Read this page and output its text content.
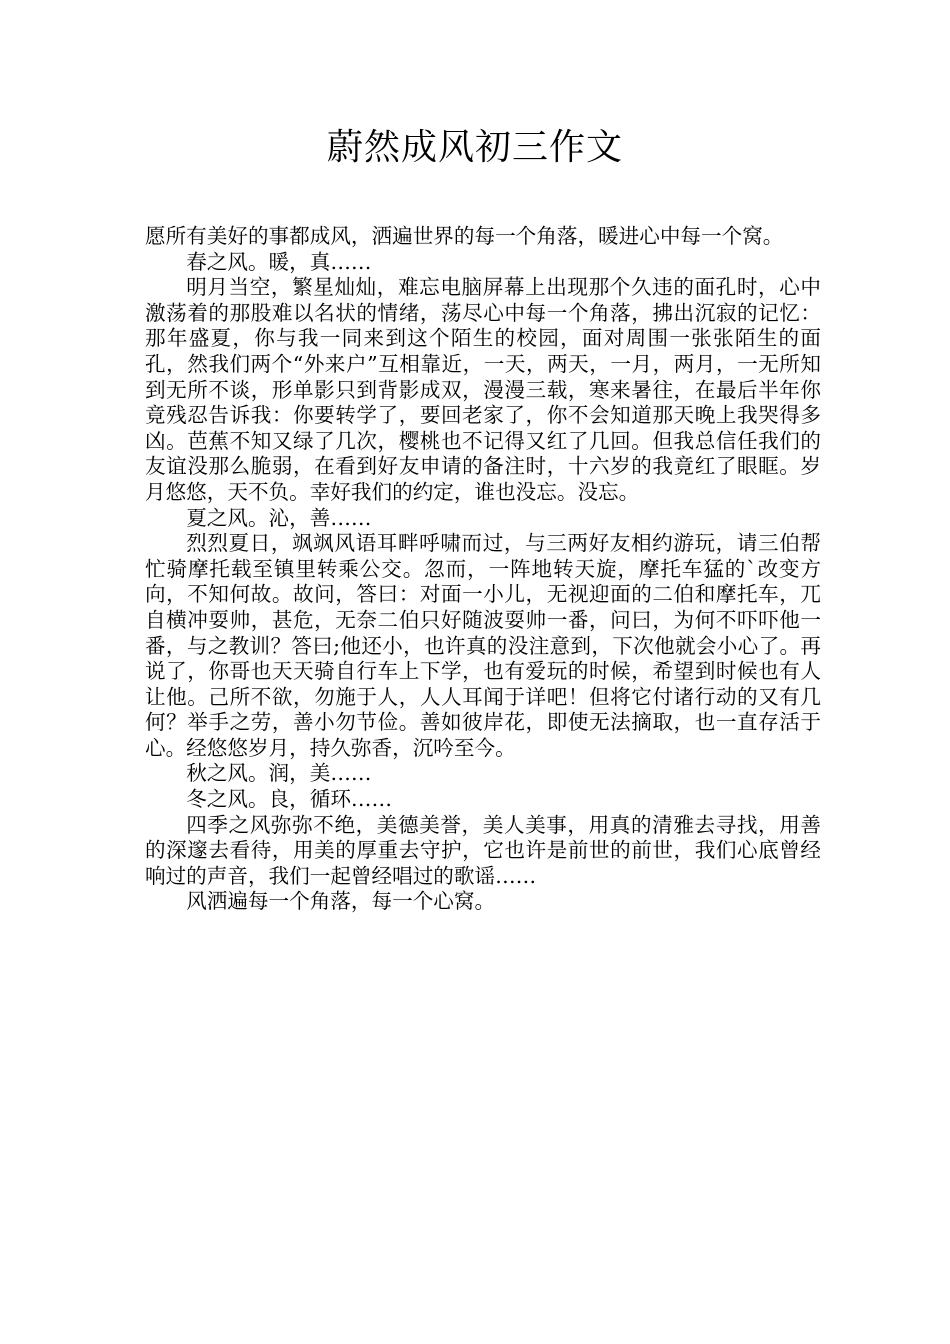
蔚然成风初三作文

愿所有美好的事都成风，洒遍世界的每一个角落，暖进心中每一个窝。

春之风。暖，真……

明月当空，繁星灿灿，难忘电脑屏幕上出现那个久违的面孔时，心中激荡着的那股难以名状的情绪，荡尽心中每一个角落，拂出沉寂的记忆：那年盛夏，你与我一同来到这个陌生的校园，面对周围一张张陌生的面孔，然我们两个“外来户”互相靠近，一天，两天，一月，两月，一无所知到无所不谈，形单影只到背影成双，漫漫三载，寒来暑往，在最后半年你竟残忍告诉我：你要转学了，要回老家了，你不会知道那天晚上我哭得多凶。芭蕉不知又绿了几次，樱桃也不记得又红了几回。但我总信任我们的友谊没那么脆弱，在看到好友申请的备注时，十六岁的我竟红了眼眶。岁月悠悠，天不负。幸好我们的约定，谁也没忘。没忘。

夏之风。沁，善……

烈烈夏日，飒飒风语耳畔呼啸而过，与三两好友相约游玩，请三伯帮忙骑摩托载至镇里转乘公交。忽而，一阵地转天旋，摩托车猛的`改变方向，不知何故。故问，答曰：对面一小儿，无视迎面的二伯和摩托车，兀自横冲耍帅，甚危，无奈二伯只好随波耍帅一番，问曰，为何不吓吓他一番，与之教训？答曰;他还小，也许真的没注意到，下次他就会小心了。再说了，你哥也天天骑自行车上下学，也有爱玩的时候，希望到时候也有人让他。己所不欲，勿施于人，人人耳闻于详吧！但将它付诸行动的又有几何？举手之劳，善小勿节俭。善如彼岸花，即使无法摘取，也一直存活于心。经悠悠岁月，持久弥香，沉吟至今。

秋之风。润，美……

冬之风。良，循环……

四季之风弥弥不绝，美德美誉，美人美事，用真的清雅去寻找，用善的深邃去看待，用美的厚重去守护，它也许是前世的前世，我们心底曾经响过的声音，我们一起曾经唱过的歌谣……

风洒遍每一个角落，每一个心窝。
